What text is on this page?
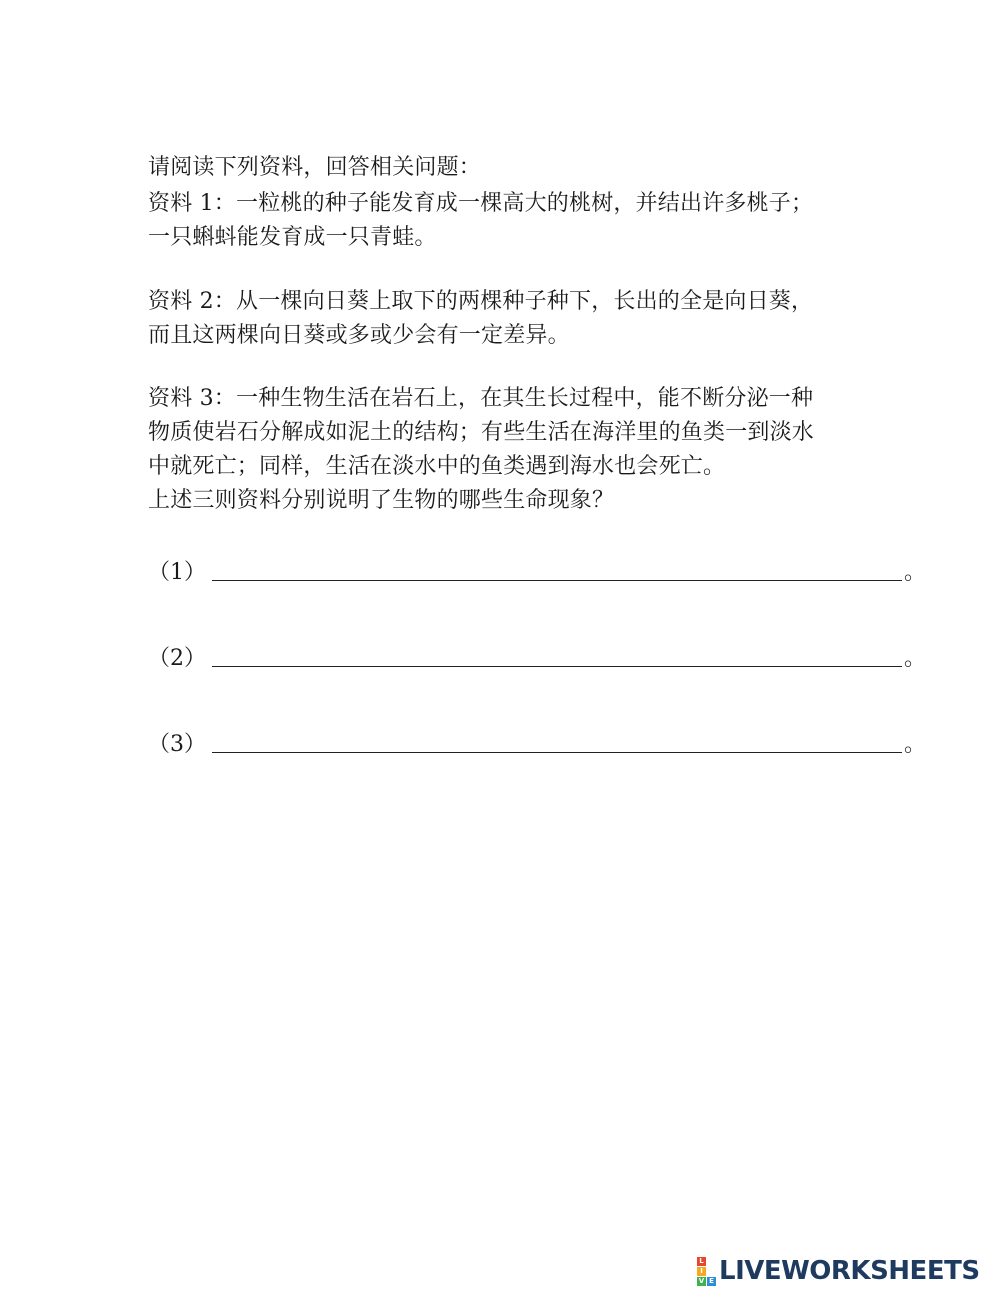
请阅读下列资料，回答相关问题：
资料 1：一粒桃的种子能发育成一棵高大的桃树，并结出许多桃子；
一只蝌蚪能发育成一只青蛙。
资料 2：从一棵向日葵上取下的两棵种子种下，长出的全是向日葵，
而且这两棵向日葵或多或少会有一定差异。
资料 3：一种生物生活在岩石上，在其生长过程中，能不断分泌一种
物质使岩石分解成如泥土的结构；有些生活在海洋里的鱼类一到淡水
中就死亡；同样，生活在淡水中的鱼类遇到海水也会死亡。
上述三则资料分别说明了生物的哪些生命现象？
（1）	。
（2）	。
（3）	。
L
I
V E LIVEWORKSHEETS
